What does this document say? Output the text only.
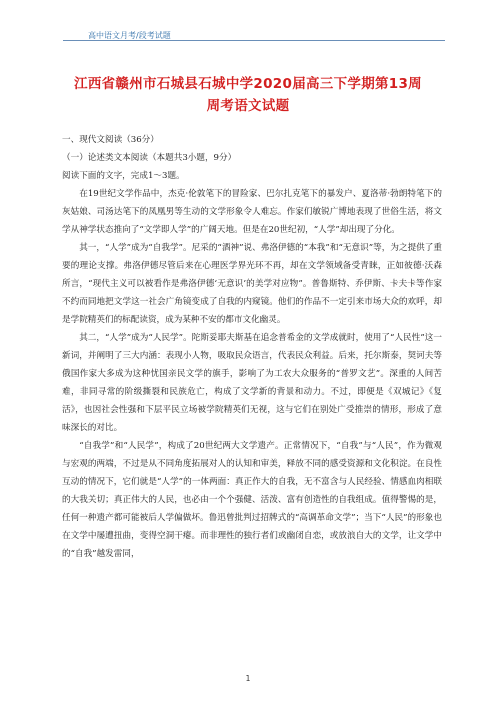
高中语文月考/段考试题
江西省赣州市石城县石城中学2020届高三下学期第13周
周考语文试题

一、现代文阅读（36分）

（一）论述类文本阅读（本题共3小题，9分）

阅读下面的文字，完成1～3题。

在19世纪文学作品中，杰克·伦敦笔下的冒险家、巴尔扎克笔下的暴发户、夏洛蒂·勃朗特笔下的灰姑娘、司汤达笔下的凤凰男等生动的文学形象令人难忘。作家们敏锐广博地表现了世俗生活，将文学从神学状态推向了“文学即人学”的广阔天地。但是在20世纪初，“人学”却出现了分化。

其一，“人学”成为“自我学”。尼采的“酒神”说、弗洛伊德的“本我”和“无意识”等，为之提供了重要的理论支撑。弗洛伊德尽管后来在心理医学界光环不再，却在文学领域备受青睐，正如彼德·沃森所言，“现代主义可以被看作是弗洛伊德‘无意识’的美学对应物”。普鲁斯特、乔伊斯、卡夫卡等作家不约而同地把文学这一社会广角镜变成了自我的内窥镜。他们的作品不一定引来市场大众的欢呼，却是学院精英们的标配读资，成为某种不安的都市文化幽灵。

其二，“人学”成为“人民学”。陀斯妥耶夫斯基在追念普希金的文学成就时，使用了“人民性”这一新词，并阐明了三大内涵：表现小人物，吸取民众语言，代表民众利益。后来，托尔斯泰，契诃夫等俄国作家大多成为这种忧国亲民文学的旗手，影响了为工农大众服务的“普罗文艺”。深重的人间苦难，非同寻常的阶级撕裂和民族危亡，构成了文学新的背景和动力。不过，即便是《双城记》《复活》，也因社会性强和下层平民立场被学院精英们无视，这与它们在别处广受推崇的情形，形成了意味深长的对比。

“自我学”和“人民学”，构成了20世纪两大文学遗产。正常情况下，“自我”与“人民”，作为微观与宏观的两端，不过是从不同角度拓展对人的认知和审美，释放不同的感受资源和文化积淀。在良性互动的情况下，它们就是“人学”的一体两面：真正作大的自我，无不富含与人民经验、情感血肉相联的大我关切；真正伟大的人民，也必由一个个强健、活泼、富有创造性的自我组成。值得警惕的是，任何一种遗产都可能被后人学偏做坏。鲁迅曾批判过招牌式的“高调革命文学”；当下“人民”的形象也在文学中屡遭扭曲，变得空洞干瘪。而非理性的独行者们或幽闭自恋，或放浪自大的文学，让文学中的“自我”越发雷同，

1
